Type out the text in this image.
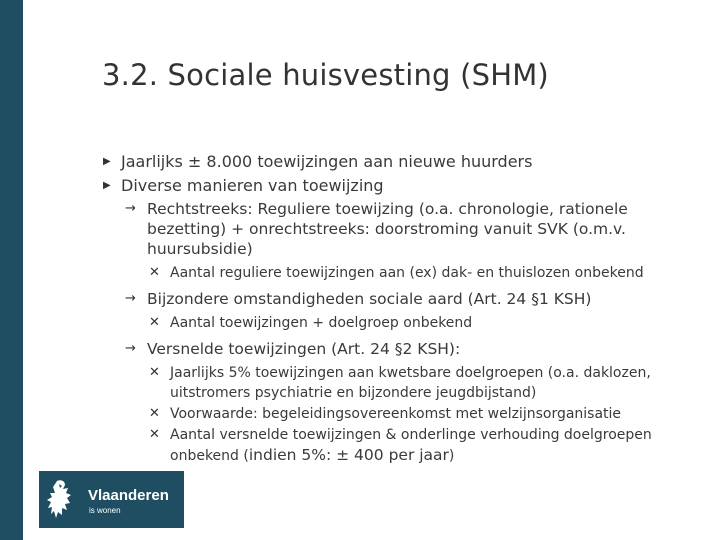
3.2. Sociale huisvesting (SHM)
▶ Jaarlijks ± 8.000 toewijzingen aan nieuwe huurders
▶ Diverse manieren van toewijzing
→ Rechtstreeks: Reguliere toewijzing (o.a. chronologie, rationele bezetting) + onrechtstreeks: doorstroming vanuit SVK (o.m.v. huursubsidie)
✕ Aantal reguliere toewijzingen aan (ex) dak- en thuislozen onbekend
→ Bijzondere omstandigheden sociale aard (Art. 24 §1 KSH)
✕ Aantal toewijzingen + doelgroep onbekend
→ Versnelde toewijzingen (Art. 24 §2 KSH):
✕ Jaarlijks 5% toewijzingen aan kwetsbare doelgroepen (o.a. daklozen, uitstromers psychiatrie en bijzondere jeugdbijstand)
✕ Voorwaarde: begeleidingsovereenkomst met welzijnsorganisatie
✕ Aantal versnelde toewijzingen & onderlinge verhouding doelgroepen onbekend (indien 5%: ± 400 per jaar)
Vlaanderen
is wonen
